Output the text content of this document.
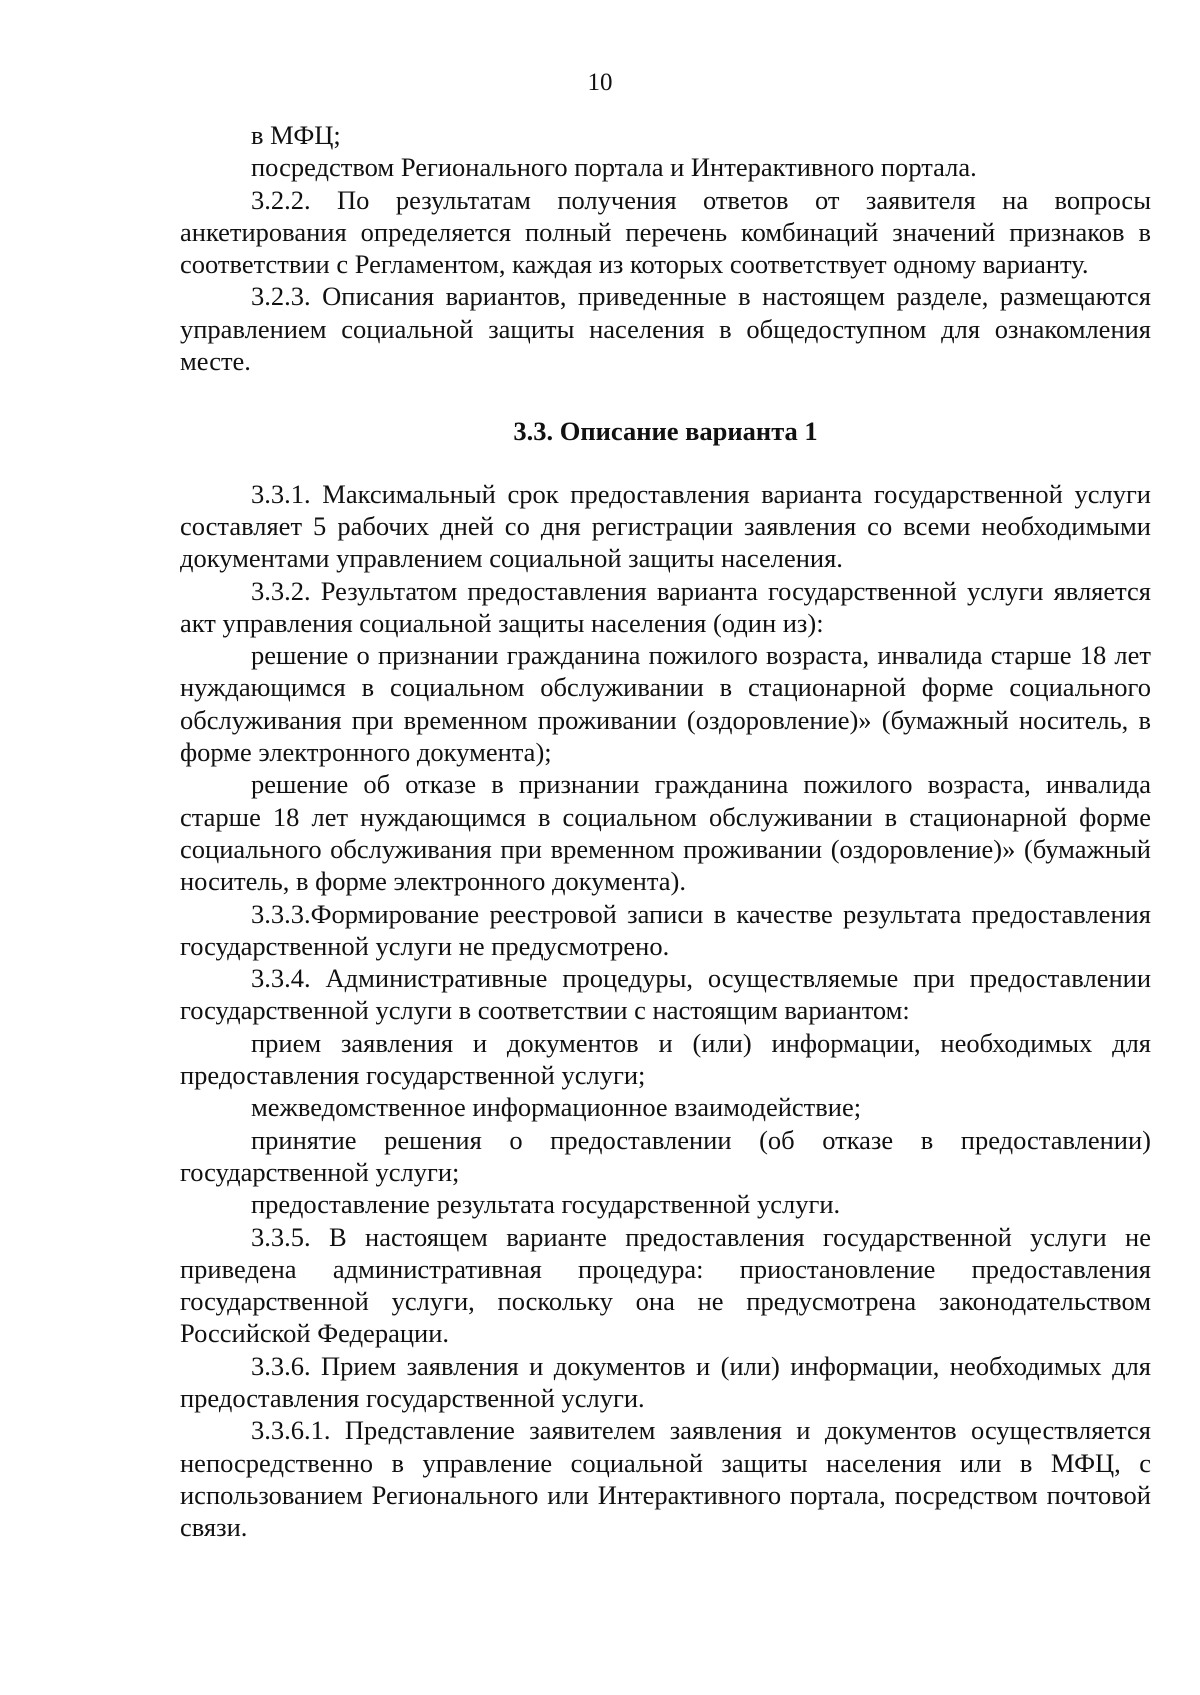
10

в МФЦ;

посредством Регионального портала и Интерактивного портала.

3.2.2. По результатам получения ответов от заявителя на вопросы анкетирования определяется полный перечень комбинаций значений признаков в соответствии с Регламентом, каждая из которых соответствует одному варианту.

3.2.3. Описания вариантов, приведенные в настоящем разделе, размещаются управлением социальной защиты населения в общедоступном для ознакомления месте.

3.3. Описание варианта 1

3.3.1. Максимальный срок предоставления варианта государственной услуги составляет 5 рабочих дней со дня регистрации заявления со всеми необходимыми документами управлением социальной защиты населения.

3.3.2. Результатом предоставления варианта государственной услуги является акт управления социальной защиты населения (один из):

решение о признании гражданина пожилого возраста, инвалида старше 18 лет нуждающимся в социальном обслуживании в стационарной форме социального обслуживания при временном проживании (оздоровление)» (бумажный носитель, в форме электронного документа);

решение об отказе в признании гражданина пожилого возраста, инвалида старше 18 лет нуждающимся в социальном обслуживании в стационарной форме социального обслуживания при временном проживании (оздоровление)» (бумажный носитель, в форме электронного документа).

3.3.3.Формирование реестровой записи в качестве результата предоставления государственной услуги не предусмотрено.

3.3.4. Административные процедуры, осуществляемые при предоставлении государственной услуги в соответствии с настоящим вариантом:

прием заявления и документов и (или) информации, необходимых для предоставления государственной услуги;

межведомственное информационное взаимодействие;

принятие решения о предоставлении (об отказе в предоставлении) государственной услуги;

предоставление результата государственной услуги.

3.3.5. В настоящем варианте предоставления государственной услуги не приведена административная процедура: приостановление предоставления государственной услуги, поскольку она не предусмотрена законодательством Российской Федерации.

3.3.6. Прием заявления и документов и (или) информации, необходимых для предоставления государственной услуги.

3.3.6.1. Представление заявителем заявления и документов осуществляется непосредственно в управление социальной защиты населения или в МФЦ, с использованием Регионального или Интерактивного портала, посредством почтовой связи.
